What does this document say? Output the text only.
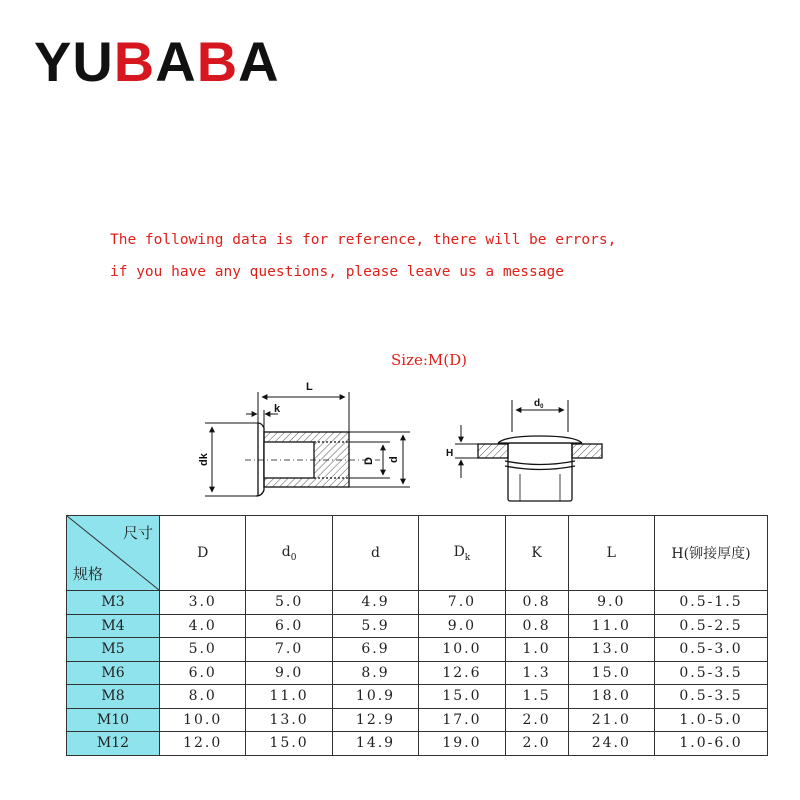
YUBABA
The following data is for reference, there will be errors,
if you have any questions, please leave us a message
Size:M(D)
L
k
dk	D d
$d_0$
H
尺寸
规格	D	$d_0$	d	$D_k$	K	L	H(铆接厚度)
M3	3.0	5.0	4.9	7.0	0.8	9.0	0.5-1.5
M4	4.0	6.0	5.9	9.0	0.8	11.0	0.5-2.5
M5	5.0	7.0	6.9	10.0	1.0	13.0	0.5-3.0
M6	6.0	9.0	8.9	12.6	1.3	15.0	0.5-3.5
M8	8.0	11.0	10.9	15.0	1.5	18.0	0.5-3.5
M10	10.0	13.0	12.9	17.0	2.0	21.0	1.0-5.0
M12	12.0	15.0	14.9	19.0	2.0	24.0	1.0-6.0
